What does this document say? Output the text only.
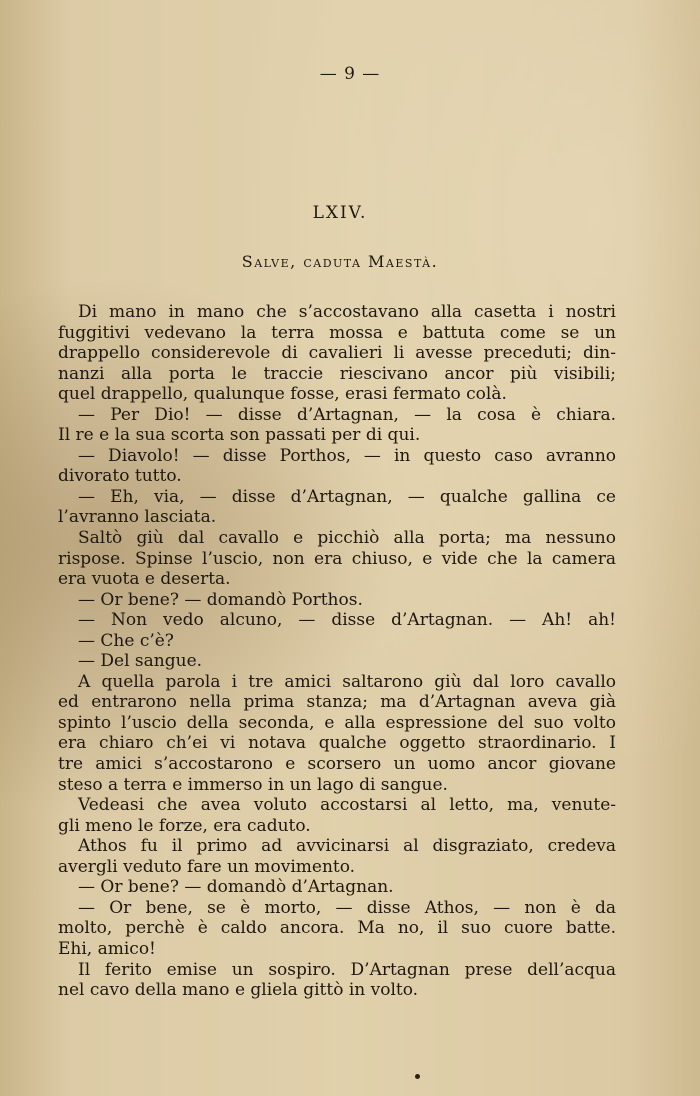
— 9 —
LXIV.
Salve, caduta Maestà.
Di mano in mano che s’accostavano alla casetta i nostri
fuggitivi vedevano la terra mossa e battuta come se un
drappello considerevole di cavalieri li avesse preceduti; din-
nanzi alla porta le traccie riescivano ancor più visibili;
quel drappello, qualunque fosse, erasi fermato colà.
— Per Dio! — disse d’Artagnan, — la cosa è chiara.
Il re e la sua scorta son passati per di qui.
— Diavolo! — disse Porthos, — in questo caso avranno
divorato tutto.
— Eh, via, — disse d’Artagnan, — qualche gallina ce
l’avranno lasciata.
Saltò giù dal cavallo e picchiò alla porta; ma nessuno
rispose. Spinse l’uscio, non era chiuso, e vide che la camera
era vuota e deserta.
— Or bene? — domandò Porthos.
— Non vedo alcuno, — disse d’Artagnan. — Ah! ah!
— Che c’è?
— Del sangue.
A quella parola i tre amici saltarono giù dal loro cavallo
ed entrarono nella prima stanza; ma d’Artagnan aveva già
spinto l’uscio della seconda, e alla espressione del suo volto
era chiaro ch’ei vi notava qualche oggetto straordinario. I
tre amici s’accostarono e scorsero un uomo ancor giovane
steso a terra e immerso in un lago di sangue.
Vedeasi che avea voluto accostarsi al letto, ma, venute-
gli meno le forze, era caduto.
Athos fu il primo ad avvicinarsi al disgraziato, credeva
avergli veduto fare un movimento.
— Or bene? — domandò d’Artagnan.
— Or bene, se è morto, — disse Athos, — non è da
molto, perchè è caldo ancora. Ma no, il suo cuore batte.
Ehi, amico!
Il ferito emise un sospiro. D’Artagnan prese dell’acqua
nel cavo della mano e gliela gittò in volto.
